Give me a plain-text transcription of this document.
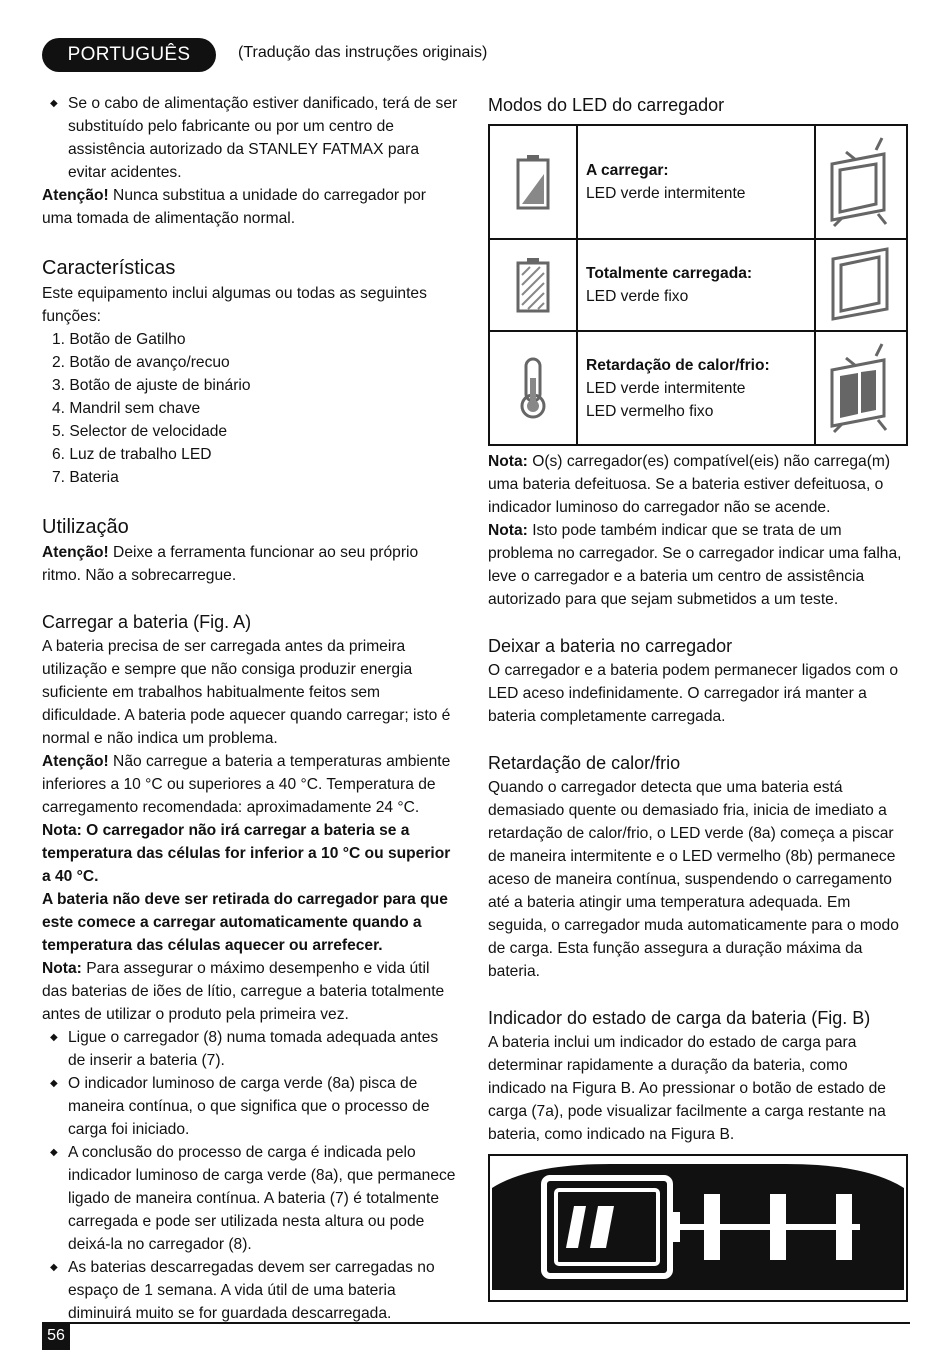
PORTUGUÊS	(Tradução das instruções originais)

◆ Se o cabo de alimentação estiver danificado, terá de ser substituído pelo fabricante ou por um centro de assistência autorizado da STANLEY FATMAX para evitar acidentes.

Atenção! Nunca substitua a unidade do carregador por uma tomada de alimentação normal.

Características

Este equipamento inclui algumas ou todas as seguintes funções:

1. Botão de Gatilho
2. Botão de avanço/recuo
3. Botão de ajuste de binário
4. Mandril sem chave
5. Selector de velocidade
6. Luz de trabalho LED
7. Bateria
Utilização

Atenção! Deixe a ferramenta funcionar ao seu próprio ritmo. Não a sobrecarregue.

Carregar a bateria (Fig. A)

A bateria precisa de ser carregada antes da primeira utilização e sempre que não consiga produzir energia suficiente em trabalhos habitualmente feitos sem dificuldade. A bateria pode aquecer quando carregar; isto é normal e não indica um problema.

Atenção! Não carregue a bateria a temperaturas ambiente inferiores a 10 °C ou superiores a 40 °C. Temperatura de carregamento recomendada: aproximadamente 24 °C.

Nota: O carregador não irá carregar a bateria se a temperatura das células for inferior a 10 °C ou superior a 40 °C.

A bateria não deve ser retirada do carregador para que este comece a carregar automaticamente quando a temperatura das células aquecer ou arrefecer.

Nota: Para assegurar o máximo desempenho e vida útil das baterias de iões de lítio, carregue a bateria totalmente antes de utilizar o produto pela primeira vez.

◆ Ligue o carregador (8) numa tomada adequada antes de inserir a bateria (7).

◆ O indicador luminoso de carga verde (8a) pisca de maneira contínua, o que significa que o processo de carga foi iniciado.

◆ A conclusão do processo de carga é indicada pelo indicador luminoso de carga verde (8a), que permanece ligado de maneira contínua. A bateria (7) é totalmente carregada e pode ser utilizada nesta altura ou pode deixá-la no carregador (8).

◆ As baterias descarregadas devem ser carregadas no espaço de 1 semana. A vida útil de uma bateria diminuirá muito se for guardada descarregada.

Modos do LED do carregador
A carregar:
LED verde intermitente
Totalmente carregada:
LED verde fixo
Retardação de calor/frio:
LED verde intermitente
LED vermelho fixo

Nota: O(s) carregador(es) compatível(eis) não carrega(m) uma bateria defeituosa. Se a bateria estiver defeituosa, o indicador luminoso do carregador não se acende.

Nota: Isto pode também indicar que se trata de um problema no carregador. Se o carregador indicar uma falha, leve o carregador e a bateria um centro de assistência autorizado para que sejam submetidos a um teste.

Deixar a bateria no carregador

O carregador e a bateria podem permanecer ligados com o LED aceso indefinidamente. O carregador irá manter a bateria completamente carregada.

Retardação de calor/frio

Quando o carregador detecta que uma bateria está demasiado quente ou demasiado fria, inicia de imediato a retardação de calor/frio, o LED verde (8a) começa a piscar de maneira intermitente e o LED vermelho (8b) permanece aceso de maneira contínua, suspendendo o carregamento até a bateria atingir uma temperatura adequada. Em seguida, o carregador muda automaticamente para o modo de carga. Esta função assegura a duração máxima da bateria.

Indicador do estado de carga da bateria (Fig. B)

A bateria inclui um indicador do estado de carga para determinar rapidamente a duração da bateria, como indicado na Figura B. Ao pressionar o botão de estado de carga (7a), pode visualizar facilmente a carga restante na bateria, como indicado na Figura B.

56
